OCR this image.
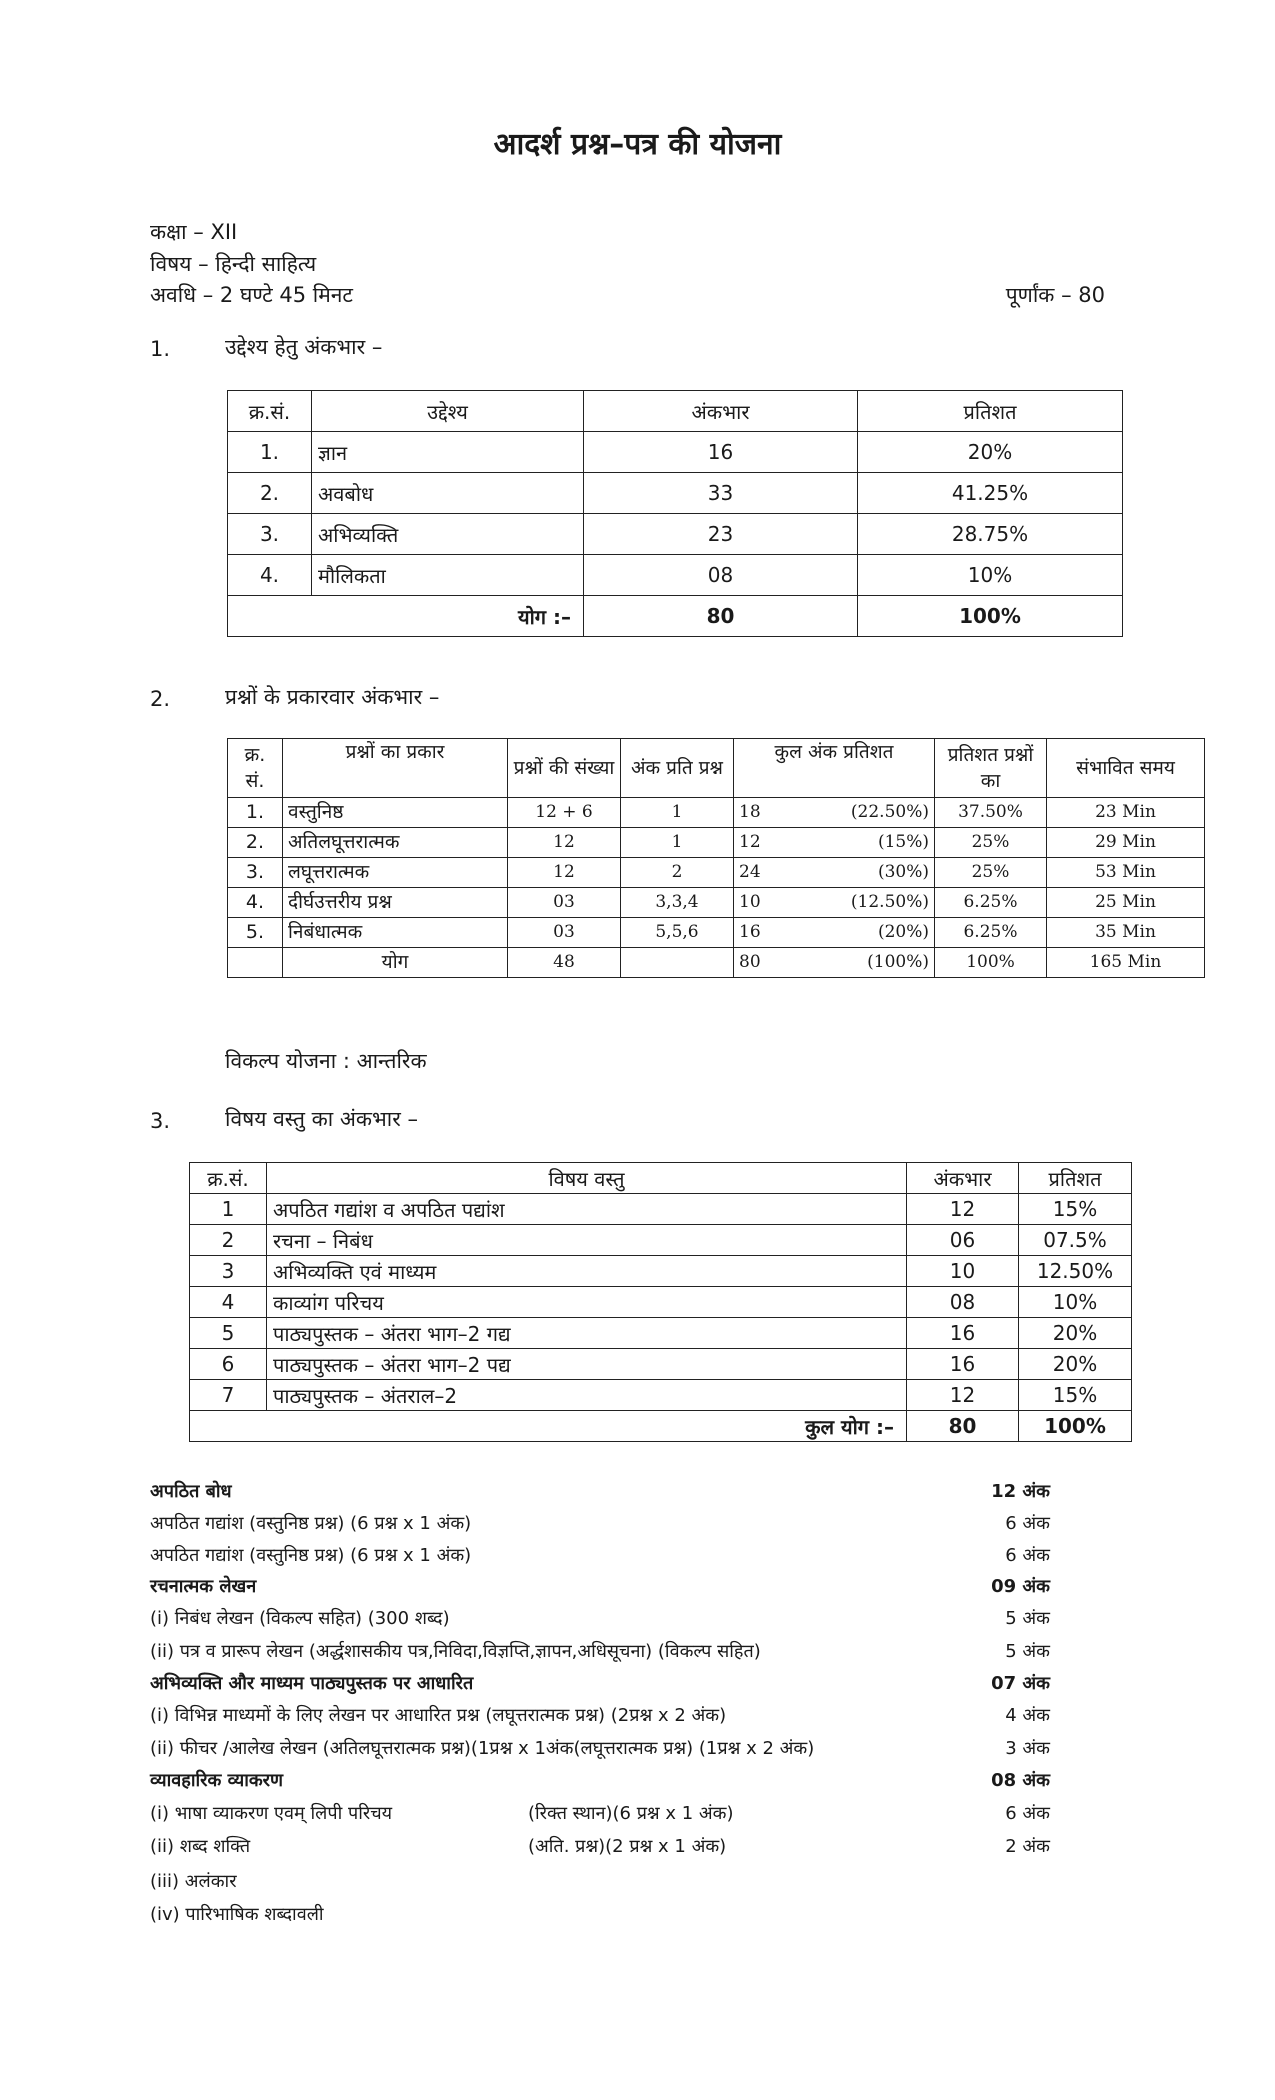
आदर्श प्रश्न–पत्र की योजना
कक्षा – XII
विषय – हिन्दी साहित्य
अवधि – 2 घण्टे 45 मिनट	पूर्णांक – 80
1.	उद्देश्य हेतु अंकभार –
क्र.सं.	उद्देश्य	अंकभार	प्रतिशत
1.	ज्ञान	16	20%
2.	अवबोध	33	41.25%
3.	अभिव्यक्ति	23	28.75%
4.	मौलिकता	08	10%
योग :–		80	100%
2.	प्रश्नों के प्रकारवार अंकभार –
क्र. सं.	प्रश्नों का प्रकार	प्रश्नों की संख्या	अंक प्रति प्रश्न	कुल अंक प्रतिशत	प्रतिशत प्रश्नों का	संभावित समय
1.	वस्तुनिष्ठ	12 + 6	1	18 (22.50%)	37.50%	23 Min
2.	अतिलघूत्तरात्मक	12	1	12 (15%)	25%	29 Min
3.	लघूत्तरात्मक	12	2	24 (30%)	25%	53 Min
4.	दीर्घउत्तरीय प्रश्न	03	3,3,4	10 (12.50%)	6.25%	25 Min
5.	निबंधात्मक	03	5,5,6	16 (20%)	6.25%	35 Min
	योग	48		80 (100%)	100%	165 Min
विकल्प योजना : आन्तरिक
3.	विषय वस्तु का अंकभार –
क्र.सं.	विषय वस्तु	अंकभार	प्रतिशत
1	अपठित गद्यांश व अपठित पद्यांश	12	15%
2	रचना – निबंध	06	07.5%
3	अभिव्यक्ति एवं माध्यम	10	12.50%
4	काव्यांग परिचय	08	10%
5	पाठ्यपुस्तक – अंतरा भाग–2 गद्य	16	20%
6	पाठ्यपुस्तक – अंतरा भाग–2 पद्य	16	20%
7	पाठ्यपुस्तक – अंतराल–2	12	15%
कुल योग :–		80	100%
अपठित बोध	12 अंक
अपठित गद्यांश (वस्तुनिष्ठ प्रश्न) (6 प्रश्न x 1 अंक)	6 अंक
अपठित गद्यांश (वस्तुनिष्ठ प्रश्न) (6 प्रश्न x 1 अंक)	6 अंक
रचनात्मक लेखन	09 अंक
(i) निबंध लेखन (विकल्प सहित) (300 शब्द)	5 अंक
(ii) पत्र व प्रारूप लेखन (अर्द्धशासकीय पत्र,निविदा,विज्ञप्ति,ज्ञापन,अधिसूचना) (विकल्प सहित)	5 अंक
अभिव्यक्ति और माध्यम पाठ्यपुस्तक पर आधारित	07 अंक
(i) विभिन्न माध्यमों के लिए लेखन पर आधारित प्रश्न (लघूत्तरात्मक प्रश्न) (2प्रश्न x 2 अंक)	4 अंक
(ii) फीचर /आलेख लेखन (अतिलघूत्तरात्मक प्रश्न)(1प्रश्न x 1अंक(लघूत्तरात्मक प्रश्न) (1प्रश्न x 2 अंक)	3 अंक
व्यावहारिक व्याकरण	08 अंक
(i) भाषा व्याकरण एवम् लिपी परिचय	(रिक्त स्थान)(6 प्रश्न x 1 अंक)	6 अंक
(ii) शब्द शक्ति	(अति. प्रश्न)(2 प्रश्न x 1 अंक)	2 अंक
(iii) अलंकार
(iv) पारिभाषिक शब्दावली
